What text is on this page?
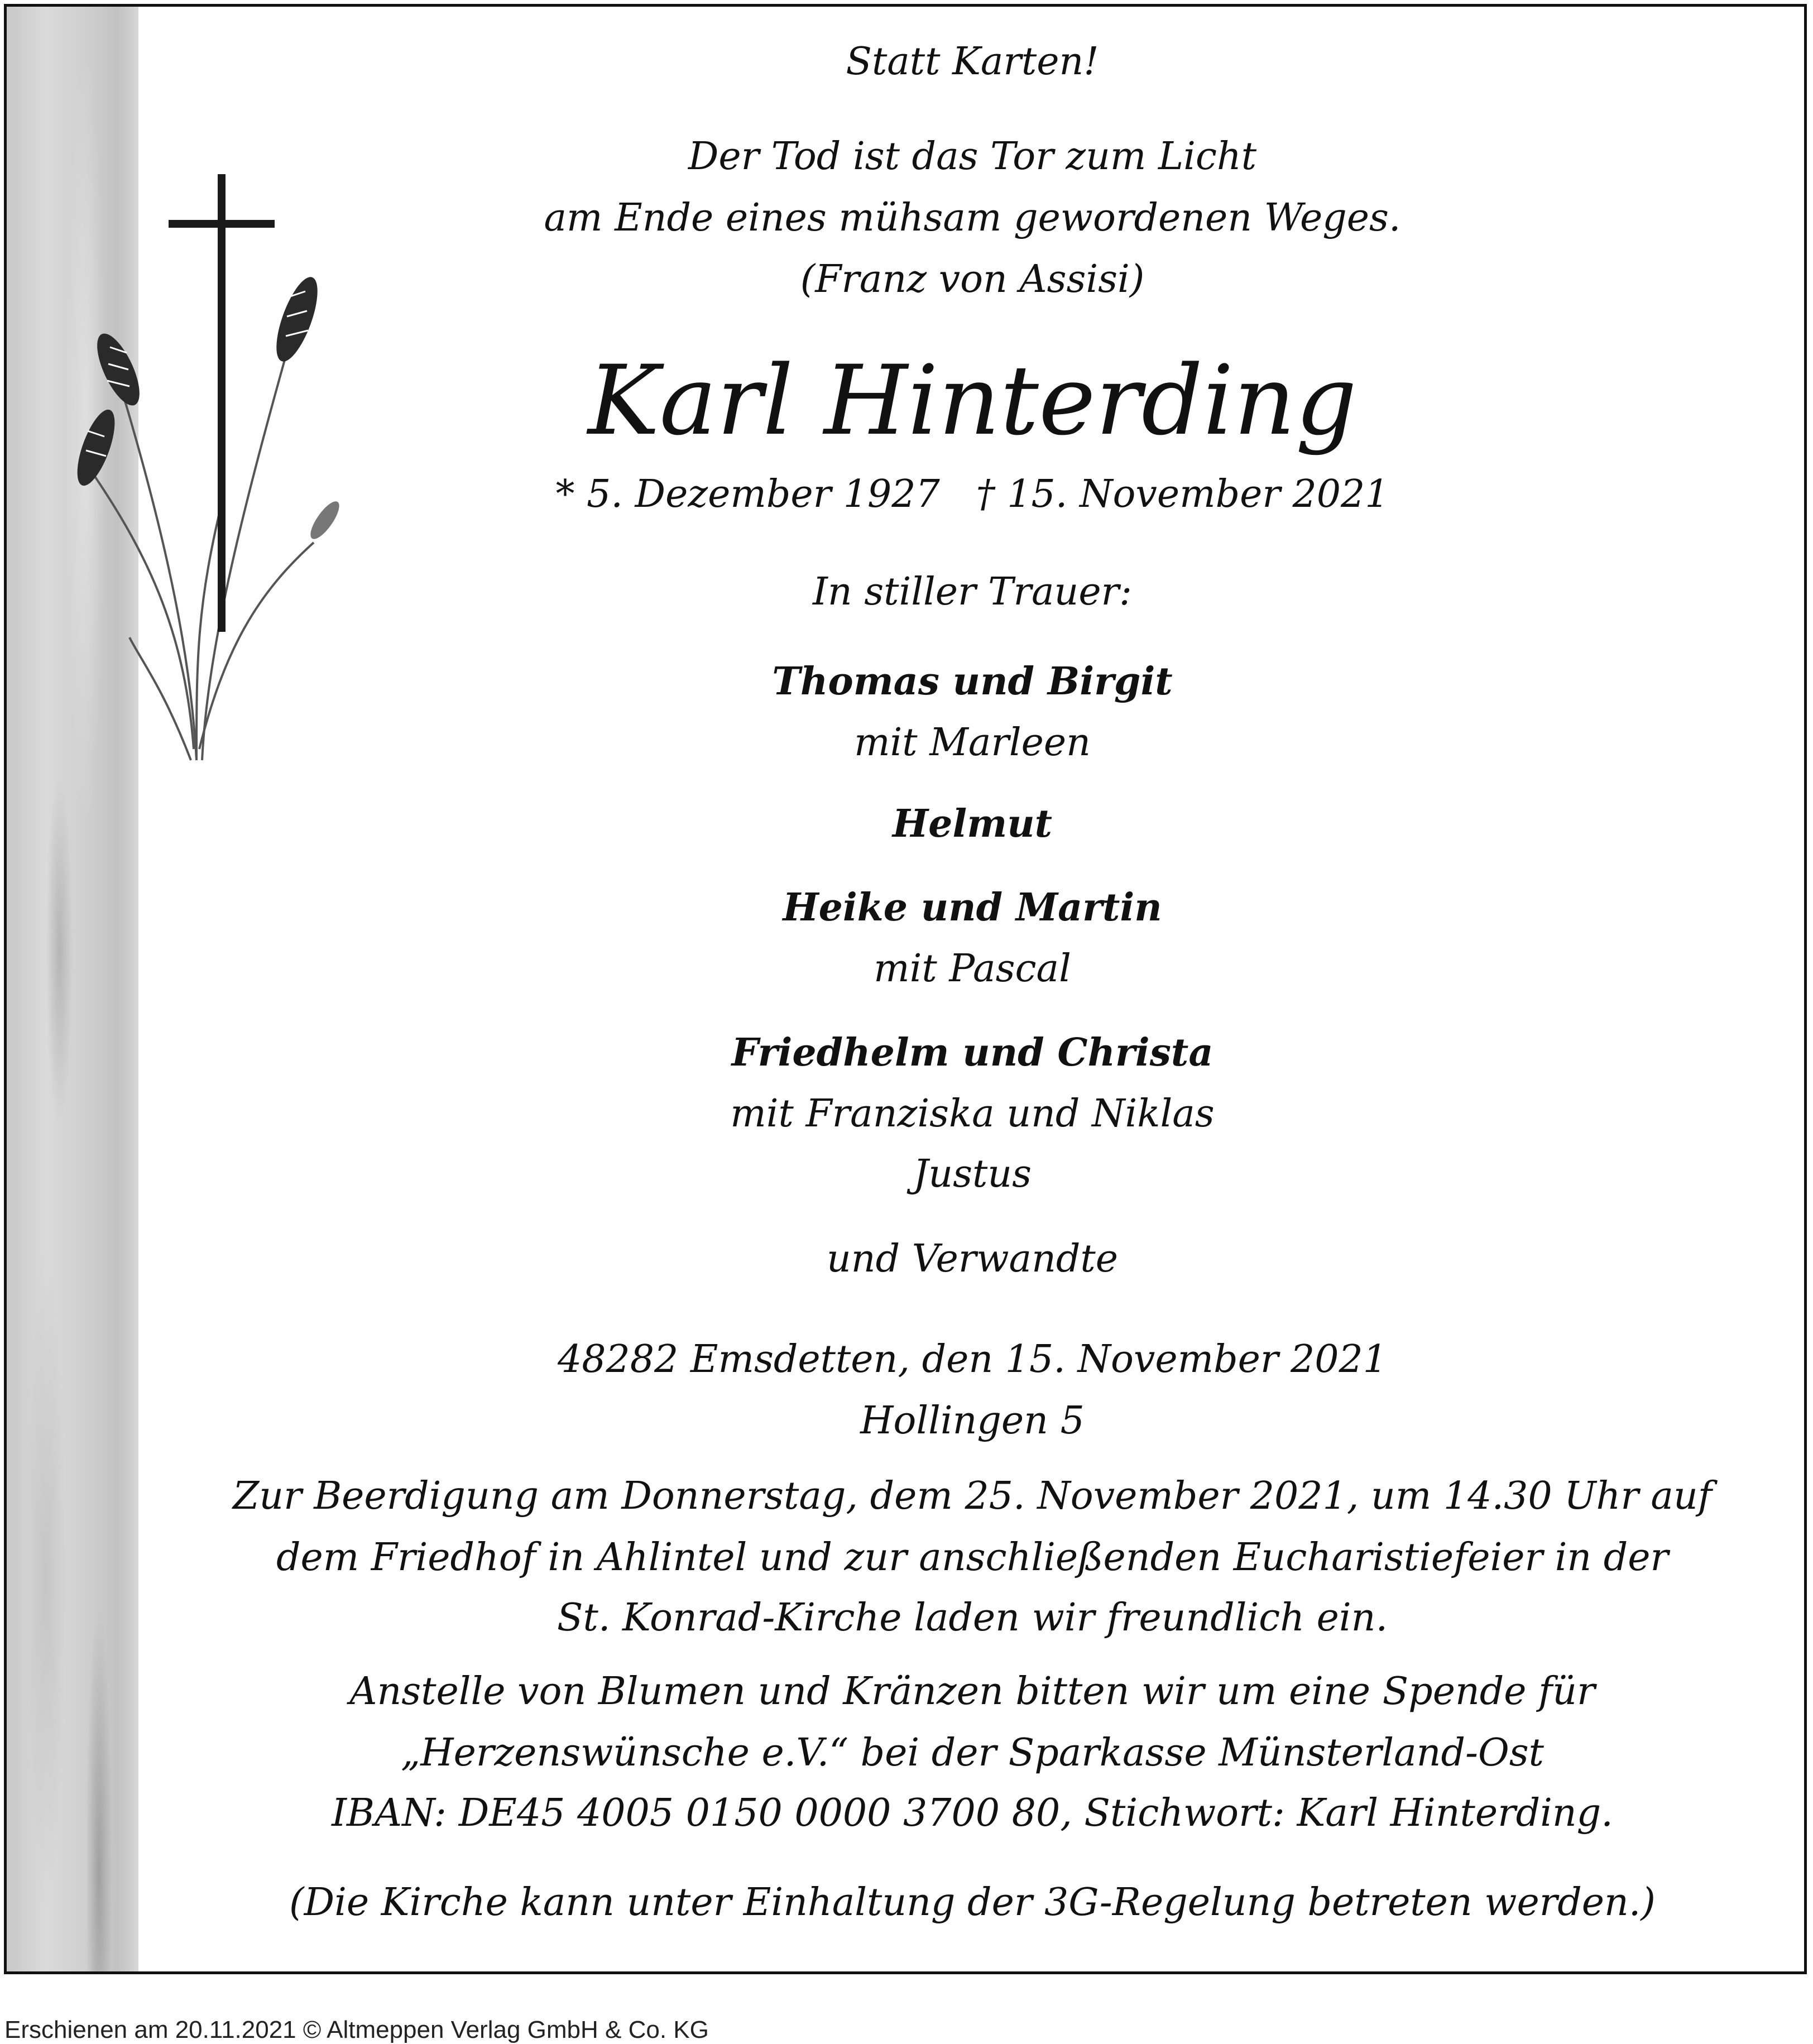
Statt Karten!
Der Tod ist das Tor zum Licht
am Ende eines mühsam gewordenen Weges.
(Franz von Assisi)
Karl Hinterding
* 5. Dezember 1927   † 15. November 2021
In stiller Trauer:
Thomas und Birgit
mit Marleen
Helmut
Heike und Martin
mit Pascal
Friedhelm und Christa
mit Franziska und Niklas
Justus
und Verwandte
48282 Emsdetten, den 15. November 2021
Hollingen 5
Zur Beerdigung am Donnerstag, dem 25. November 2021, um 14.30 Uhr auf
dem Friedhof in Ahlintel und zur anschließenden Eucharistiefeier in der
St. Konrad-Kirche laden wir freundlich ein.
Anstelle von Blumen und Kränzen bitten wir um eine Spende für
„Herzenswünsche e.V.“ bei der Sparkasse Münsterland-Ost
IBAN: DE45 4005 0150 0000 3700 80, Stichwort: Karl Hinterding.
(Die Kirche kann unter Einhaltung der 3G-Regelung betreten werden.)
Erschienen am 20.11.2021 © Altmeppen Verlag GmbH & Co. KG
